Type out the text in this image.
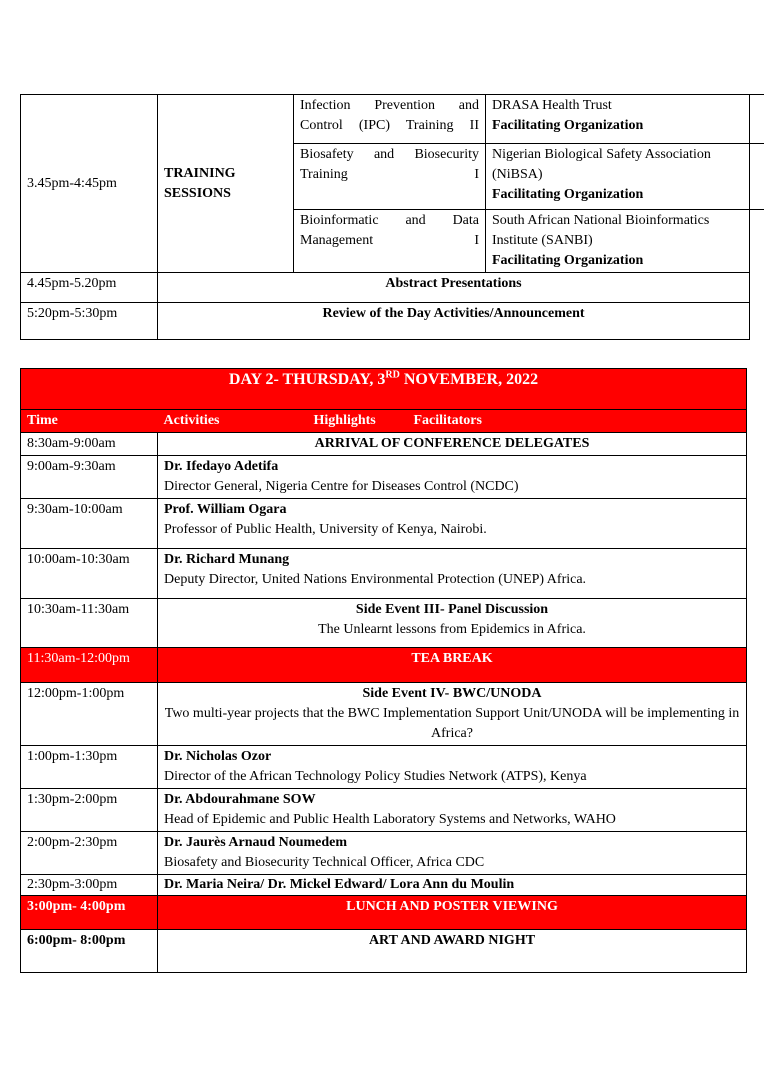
3.45pm-4:45pm	TRAINING SESSIONS	Infection Prevention and Control (IPC) Training II	DRASA Health Trust
Facilitating Organization	

		Biosafety and Biosecurity Training I	Nigerian Biological Safety Association (NiBSA)
Facilitating Organization	

		Bioinformatic and Data Management I	South African National Bioinformatics Institute (SANBI)
Facilitating Organization	

4.45pm-5.20pm	Abstract Presentations			
5:20pm-5:30pm	Review of the Day Activities/Announcement			
DAY 2- THURSDAY, 3RD NOVEMBER, 2022	
Time	Activities Highlights Facilitators

8:30am-9:00am	ARRIVAL OF CONFERENCE DELEGATES
9:00am-9:30am	Dr. Ifedayo Adetifa
Director General, Nigeria Centre for Diseases Control (NCDC)

9:30am-10:00am	Prof. William Ogara
Professor of Public Health, University of Kenya, Nairobi.

10:00am-10:30am	Dr. Richard Munang
Deputy Director, United Nations Environmental Protection (UNEP) Africa.

10:30am-11:30am	Side Event III- Panel Discussion
The Unlearnt lessons from Epidemics in Africa.

11:30am-12:00pm	TEA BREAK
12:00pm-1:00pm	Side Event IV- BWC/UNODA
Two multi-year projects that the BWC Implementation Support Unit/UNODA will be implementing in Africa?

1:00pm-1:30pm	Dr. Nicholas Ozor
Director of the African Technology Policy Studies Network (ATPS), Kenya

1:30pm-2:00pm	Dr. Abdourahmane SOW
Head of Epidemic and Public Health Laboratory Systems and Networks, WAHO

2:00pm-2:30pm	Dr. Jaurès Arnaud Noumedem
Biosafety and Biosecurity Technical Officer, Africa CDC

2:30pm-3:00pm	Dr. Maria Neira/ Dr. Mickel Edward/ Lora Ann du Moulin
3:00pm- 4:00pm	LUNCH AND POSTER VIEWING
6:00pm- 8:00pm	ART AND AWARD NIGHT
